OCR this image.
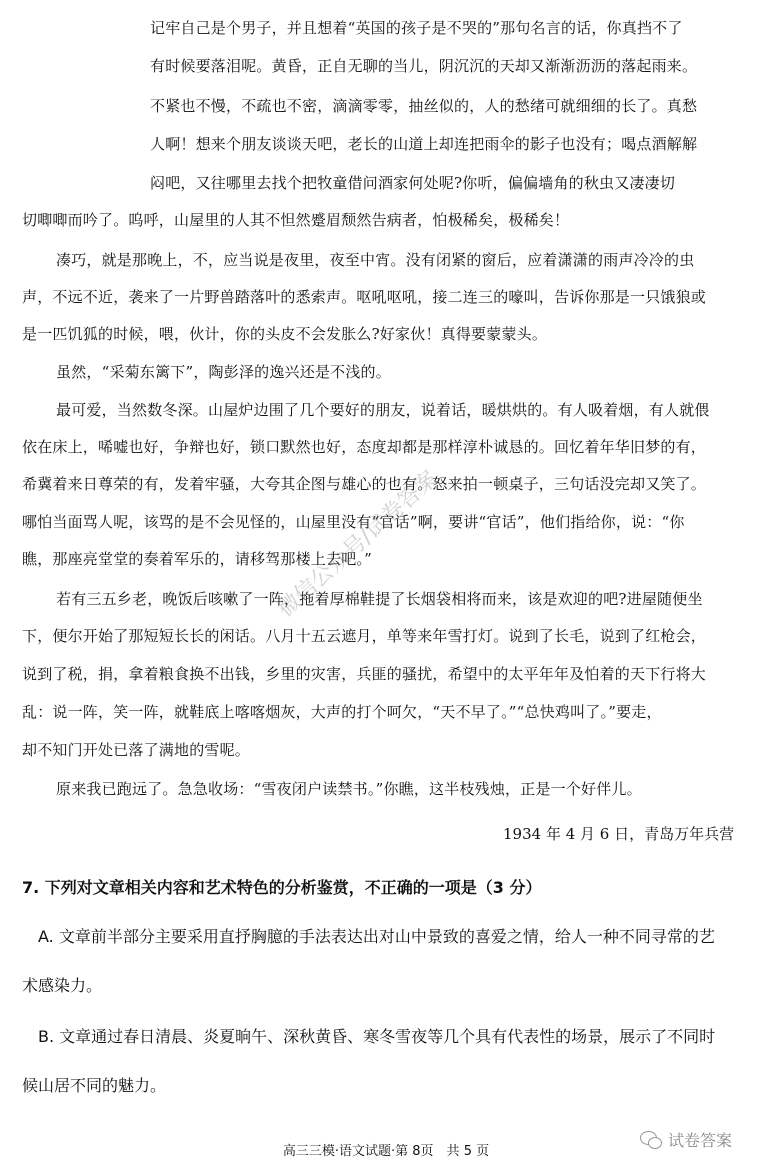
记牢自己是个男子，并且想着“英国的孩子是不哭的”那句名言的话，你真挡不了
有时候要落泪呢。黄昏，正自无聊的当儿，阴沉沉的天却又渐渐沥沥的落起雨来。
不紧也不慢，不疏也不密，滴滴零零，抽丝似的，人的愁绪可就细细的长了。真愁
人啊！想来个朋友谈谈天吧，老长的山道上却连把雨伞的影子也没有；喝点酒解解
闷吧，又往哪里去找个把牧童借问酒家何处呢?你听，偏偏墙角的秋虫又凄凄切
切唧唧而吟了。呜呼，山屋里的人其不怛然蹙眉颓然告病者，怕极稀矣，极稀矣！
凑巧，就是那晚上，不，应当说是夜里，夜至中宵。没有闭紧的窗后，应着潇潇的雨声冷冷的虫
声，不远不近，袭来了一片野兽踏落叶的悉索声。呕吼呕吼，接二连三的嚎叫，告诉你那是一只饿狼或
是一匹饥狐的时候，喂，伙计，你的头皮不会发胀么?好家伙！真得要蒙蒙头。
虽然，“采菊东篱下”，陶彭泽的逸兴还是不浅的。
最可爱，当然数冬深。山屋炉边围了几个要好的朋友，说着话，暖烘烘的。有人吸着烟，有人就偎
依在床上，唏嘘也好，争辩也好，锁口默然也好，态度却都是那样淳朴诚恳的。回忆着年华旧梦的有，
希冀着来日尊荣的有，发着牢骚，大夸其企图与雄心的也有。怒来拍一顿桌子，三句话没完却又笑了。
哪怕当面骂人呢，该骂的是不会见怪的，山屋里没有“官话”啊，要讲“官话”，他们指给你，说：“你
瞧，那座亮堂堂的奏着军乐的，请移驾那楼上去吧。”
若有三五乡老，晚饭后咳嗽了一阵，拖着厚棉鞋提了长烟袋相将而来，该是欢迎的吧?进屋随便坐
下，便尔开始了那短短长长的闲话。八月十五云遮月，单等来年雪打灯。说到了长毛，说到了红枪会，
说到了税，捐，拿着粮食换不出钱，乡里的灾害，兵匪的骚扰，希望中的太平年年及怕着的天下行将大
乱：说一阵，笑一阵，就鞋底上喀喀烟灰，大声的打个呵欠，“天不早了。”“总快鸡叫了。”要走，
却不知门开处已落了满地的雪呢。
原来我已跑远了。急急收场：“雪夜闭户读禁书。”你瞧，这半枝残烛，正是一个好伴儿。
1934 年 4 月 6 日，青岛万年兵营
7. 下列对文章相关内容和艺术特色的分析鉴赏，不正确的一项是（3 分）
A. 文章前半部分主要采用直抒胸臆的手法表达出对山中景致的喜爱之情，给人一种不同寻常的艺
术感染力。
B. 文章通过春日清晨、炎夏晌午、深秋黄昏、寒冬雪夜等几个具有代表性的场景，展示了不同时
候山居不同的魅力。
微信公众号/试卷答案
高三三模·语文试题·第 8页　共 5 页
试卷答案
